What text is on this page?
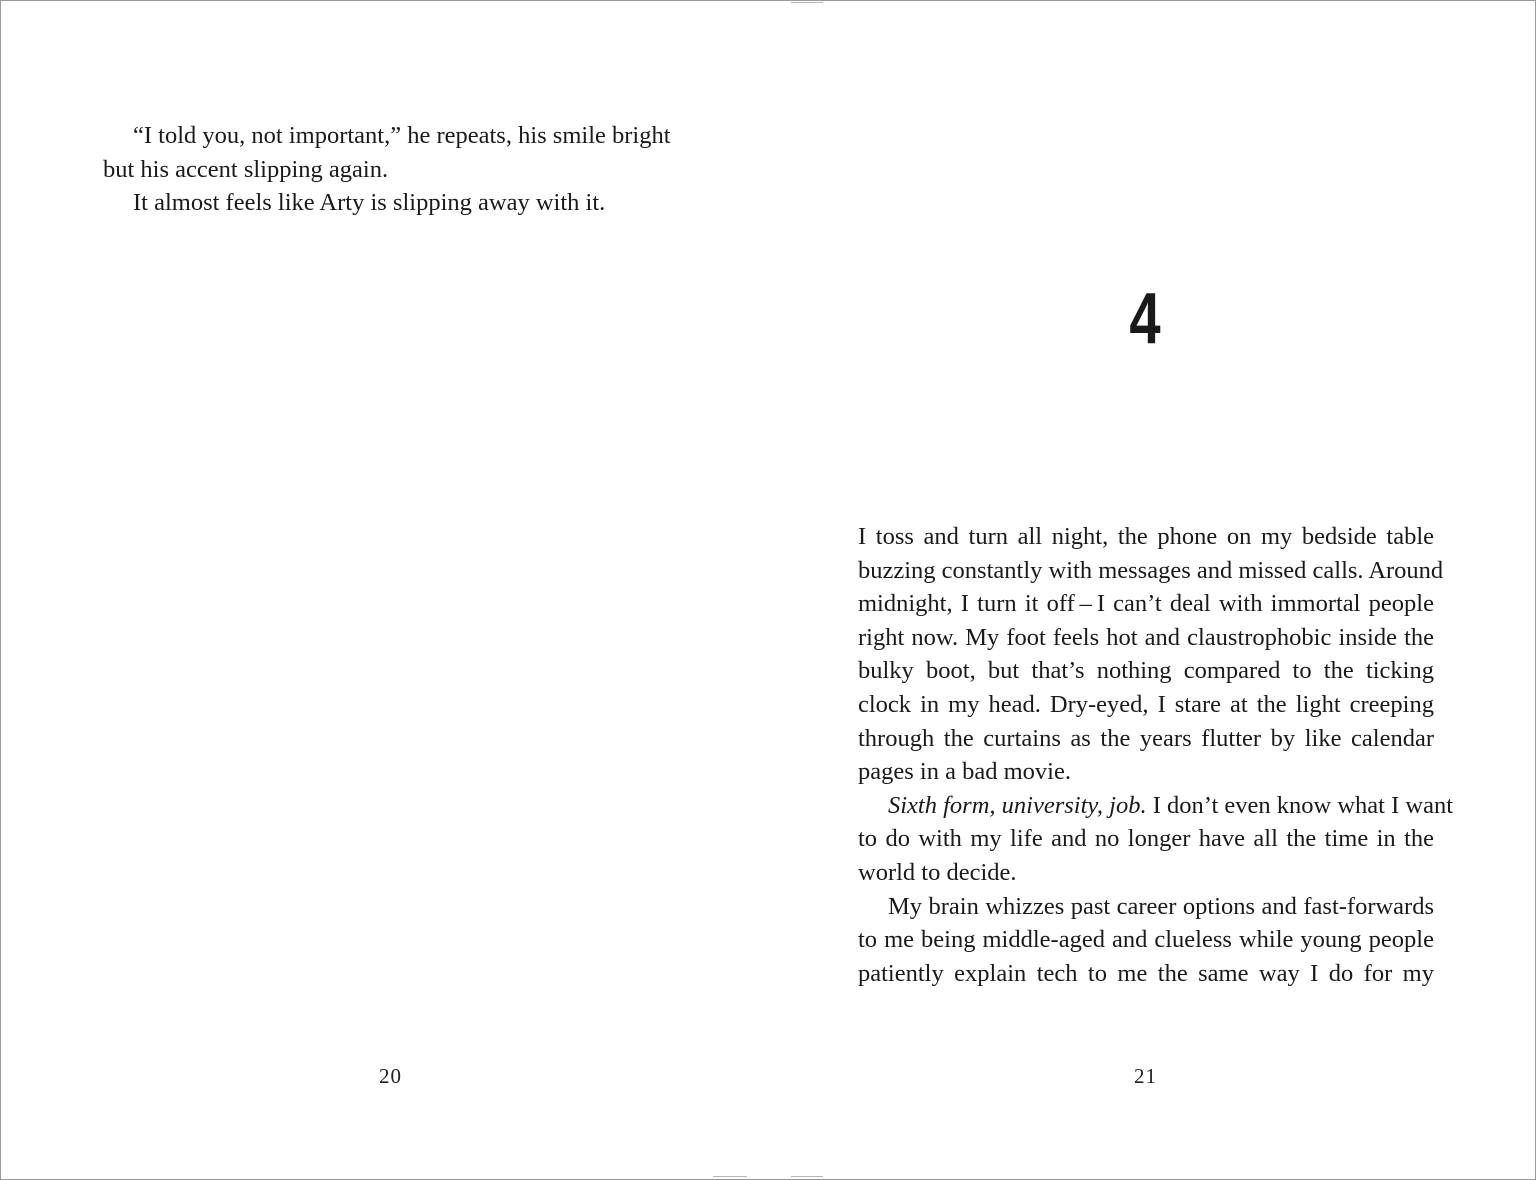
“I told you, not important,” he repeats, his smile bright
but his accent slipping again.
It almost feels like Arty is slipping away with it.
20
4
I toss and turn all night, the phone on my bedside table
buzzing constantly with messages and missed calls. Around
midnight, I turn it off – I can’t deal with immortal people
right now. My foot feels hot and claustrophobic inside the
bulky boot, but that’s nothing compared to the ticking
clock in my head. Dry-eyed, I stare at the light creeping
through the curtains as the years flutter by like calendar
pages in a bad movie.
Sixth form, university, job. I don’t even know what I want
to do with my life and no longer have all the time in the
world to decide.
My brain whizzes past career options and fast-forwards
to me being middle-aged and clueless while young people
patiently explain tech to me the same way I do for my
21
